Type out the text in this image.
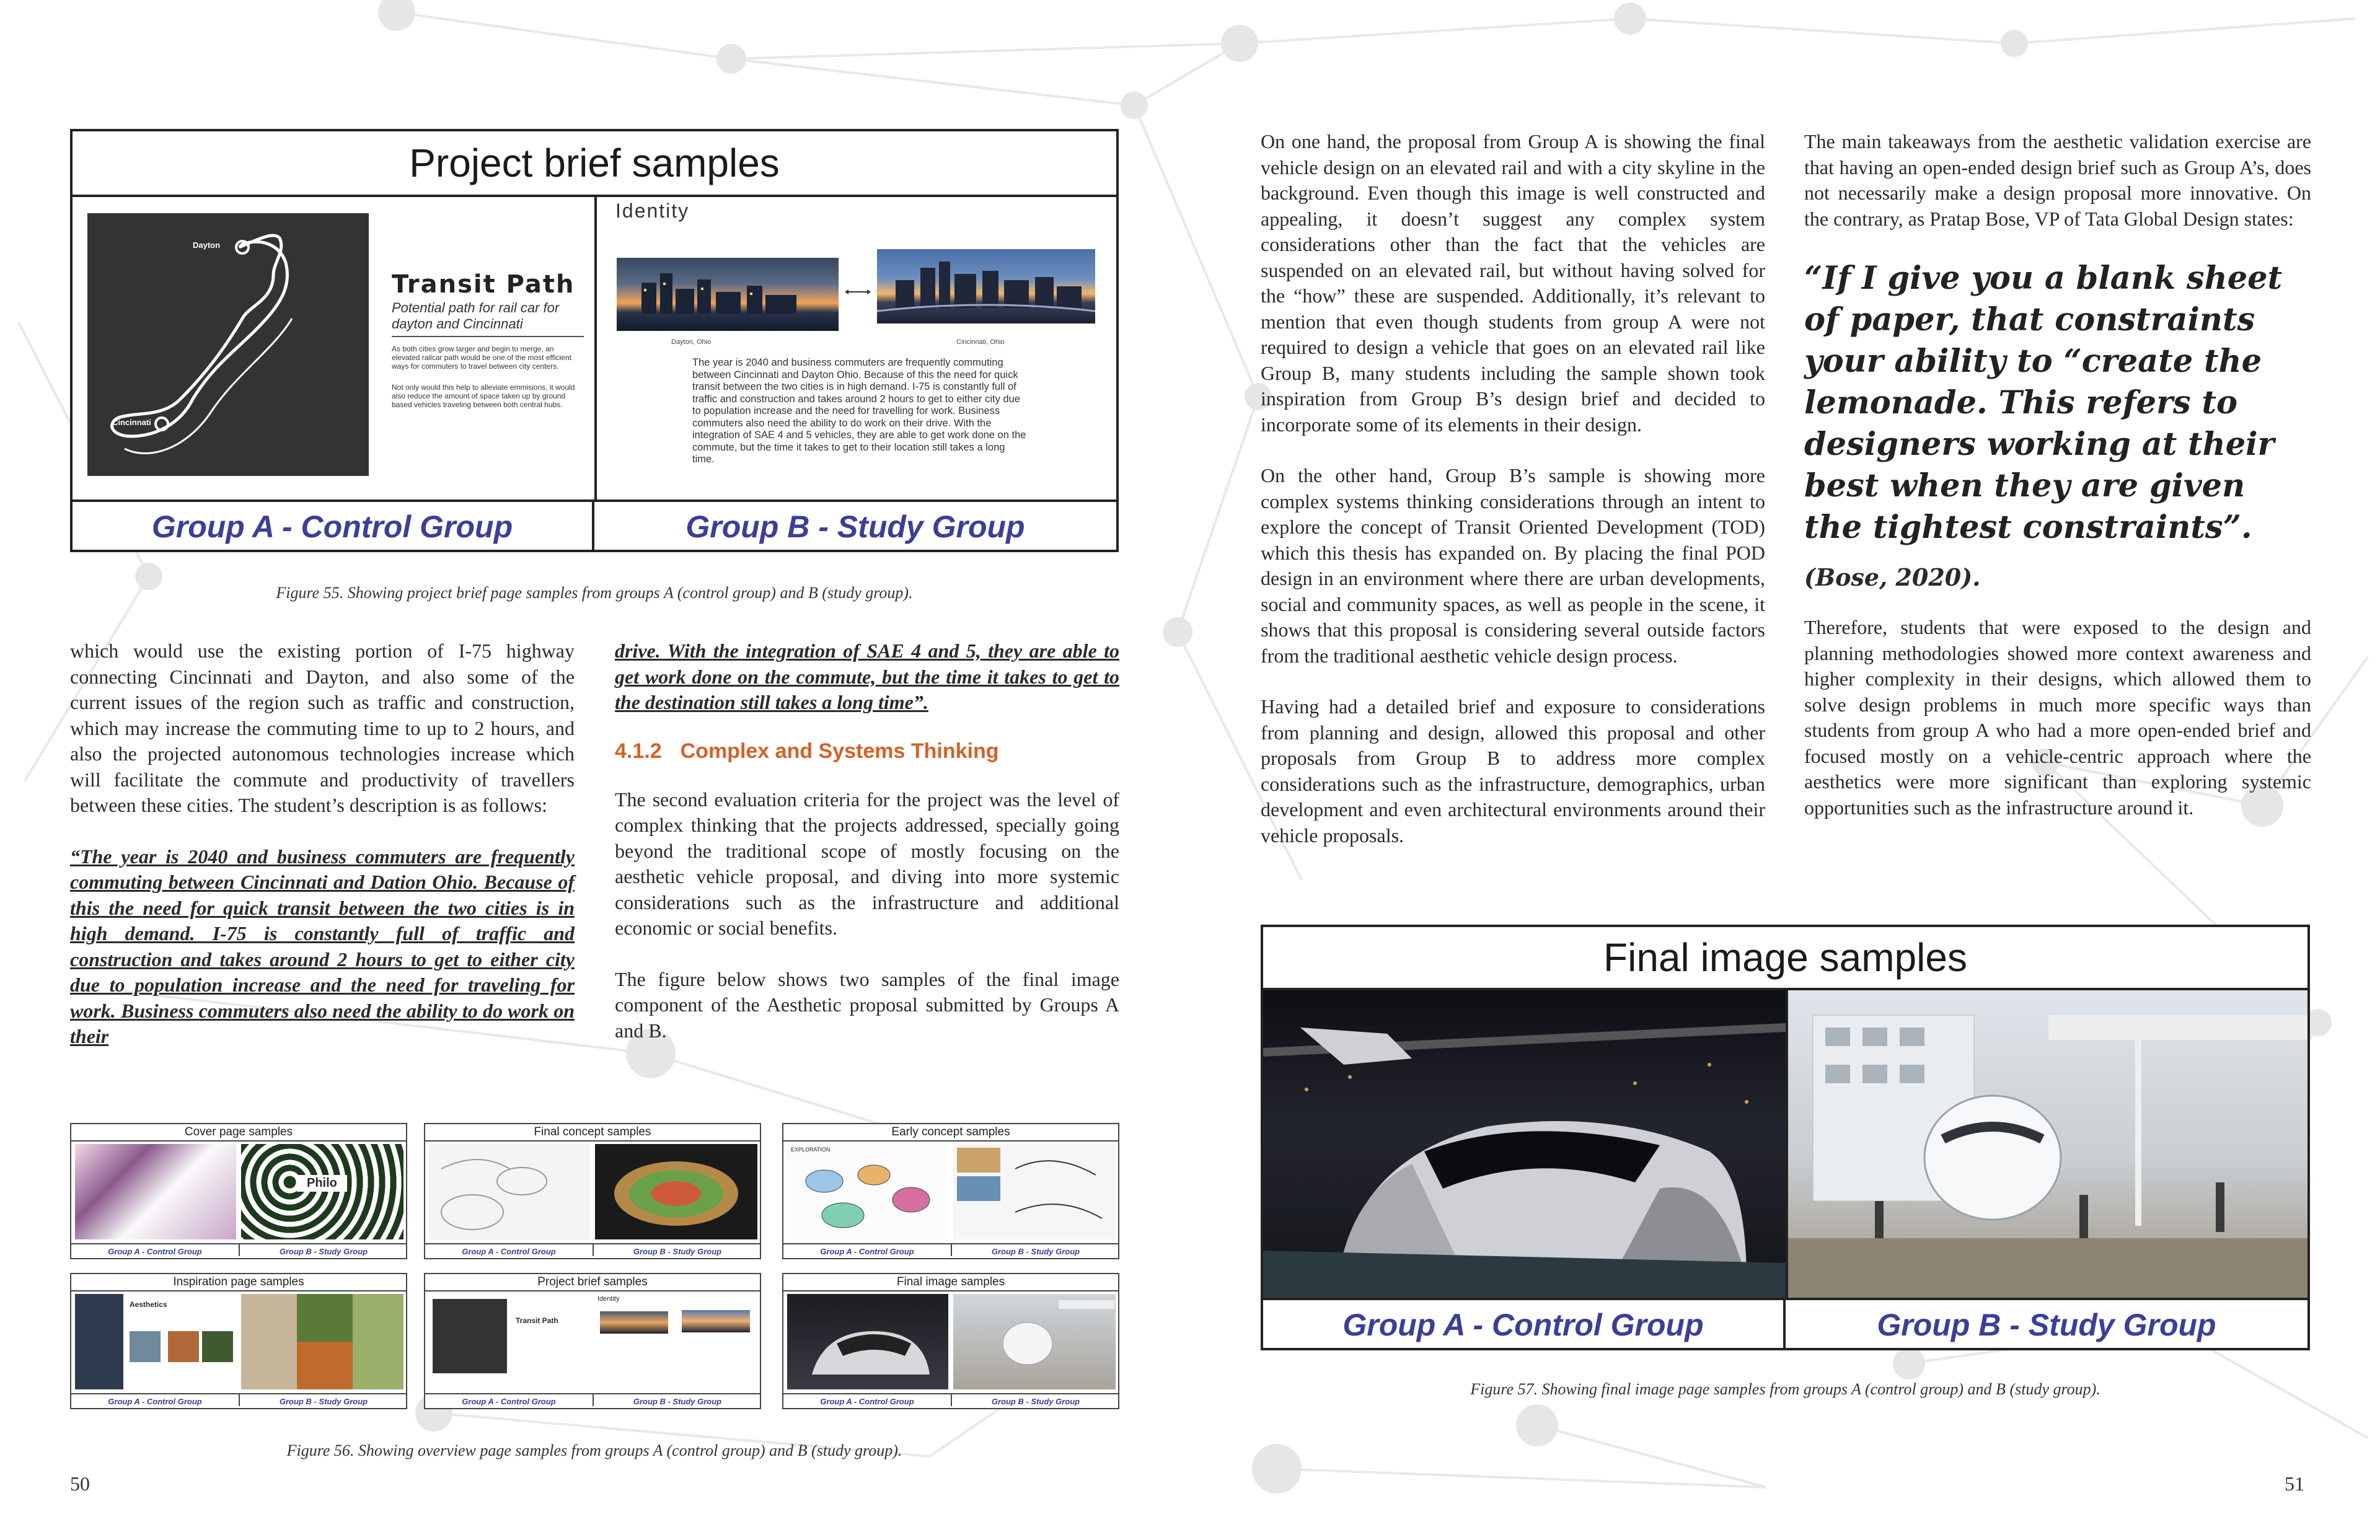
Project brief samples
Dayton
Cincinnati
Transit Path
Potential path for rail car for dayton and Cincinnati
As both cities grow larger and begin to merge, an elevated railcar path would be one of the most efficient ways for commuters to travel between city centers.
Not only would this help to alleviate emmisions, it would also reduce the amount of space taken up by ground based vehicles traveling between both central hubs.
Identity
Dayton, Ohio	Cincinnati, Ohio
The year is 2040 and business commuters are frequently commuting between Cincinnati and Dayton Ohio. Because of this the need for quick transit between the two cities is in high demand. I-75 is constantly full of traffic and construction and takes around 2 hours to get to either city due to population increase and the need for travelling for work. Business commuters also need the ability to do work on their drive. With the integration of SAE 4 and 5 vehicles, they are able to get work done on the commute, but the time it takes to get to their location still takes a long time.
Group A - Control Group	Group B - Study Group
Figure 55. Showing project brief page samples from groups A (control group) and B (study group).
which would use the existing portion of I-75 highway connecting Cincinnati and Dayton, and also some of the current issues of the region such as traffic and construction, which may increase the commuting time to up to 2 hours, and also the projected autonomous technologies increase which will facilitate the commute and productivity of travellers between these cities. The student’s description is as follows:
“The year is 2040 and business commuters are frequently commuting between Cincinnati and Dation Ohio. Because of this the need for quick transit between the two cities is in high demand. I-75 is constantly full of traffic and construction and takes around 2 hours to get to either city due to population increase and the need for traveling for work. Business commuters also need the ability to do work on their
drive. With the integration of SAE 4 and 5, they are able to get work done on the commute, but the time it takes to get to the destination still takes a long time”.
4.1.2 Complex and Systems Thinking
The second evaluation criteria for the project was the level of complex thinking that the projects addressed, specially going beyond the traditional scope of mostly focusing on the aesthetic vehicle proposal, and diving into more systemic considerations such as the infrastructure and additional economic or social benefits.
The figure below shows two samples of the final image component of the Aesthetic proposal submitted by Groups A and B.
Cover page samples
Philo
Group A - Control Group	Group B - Study Group
Final concept samples
Group A - Control Group	Group B - Study Group
Early concept samples
EXPLORATION
Group A - Control Group	Group B - Study Group
Inspiration page samples
Aesthetics
Group A - Control Group	Group B - Study Group
Project brief samples
Transit Path
Identity
Group A - Control Group	Group B - Study Group
Final image samples
Group A - Control Group	Group B - Study Group
Figure 56. Showing overview page samples from groups A (control group) and B (study group).
50
On one hand, the proposal from Group A is showing the final vehicle design on an elevated rail and with a city skyline in the background. Even though this image is well constructed and appealing, it doesn’t suggest any complex system considerations other than the fact that the vehicles are suspended on an elevated rail, but without having solved for the “how” these are suspended. Additionally, it’s relevant to mention that even though students from group A were not required to design a vehicle that goes on an elevated rail like Group B, many students including the sample shown took inspiration from Group B’s design brief and decided to incorporate some of its elements in their design.
On the other hand, Group B’s sample is showing more complex systems thinking considerations through an intent to explore the concept of Transit Oriented Development (TOD) which this thesis has expanded on. By placing the final POD design in an environment where there are urban developments, social and community spaces, as well as people in the scene, it shows that this proposal is considering several outside factors from the traditional aesthetic vehicle design process.
Having had a detailed brief and exposure to considerations from planning and design, allowed this proposal and other proposals from Group B to address more complex considerations such as the infrastructure, demographics, urban development and even architectural environments around their vehicle proposals.
The main takeaways from the aesthetic validation exercise are that having an open-ended design brief such as Group A’s, does not necessarily make a design proposal more innovative. On the contrary, as Pratap Bose, VP of Tata Global Design states:
“If I give you a blank sheet of paper, that constraints your ability to “create the lemonade. This refers to designers working at their best when they are given the tightest constraints”.
(Bose, 2020).
Therefore, students that were exposed to the design and planning methodologies showed more context awareness and higher complexity in their designs, which allowed them to solve design problems in much more specific ways than students from group A who had a more open-ended brief and focused mostly on a vehicle-centric approach where the aesthetics were more significant than exploring systemic opportunities such as the infrastructure around it.
Final image samples
Group A - Control Group	Group B - Study Group
Figure 57. Showing final image page samples from groups A (control group) and B (study group).
51
